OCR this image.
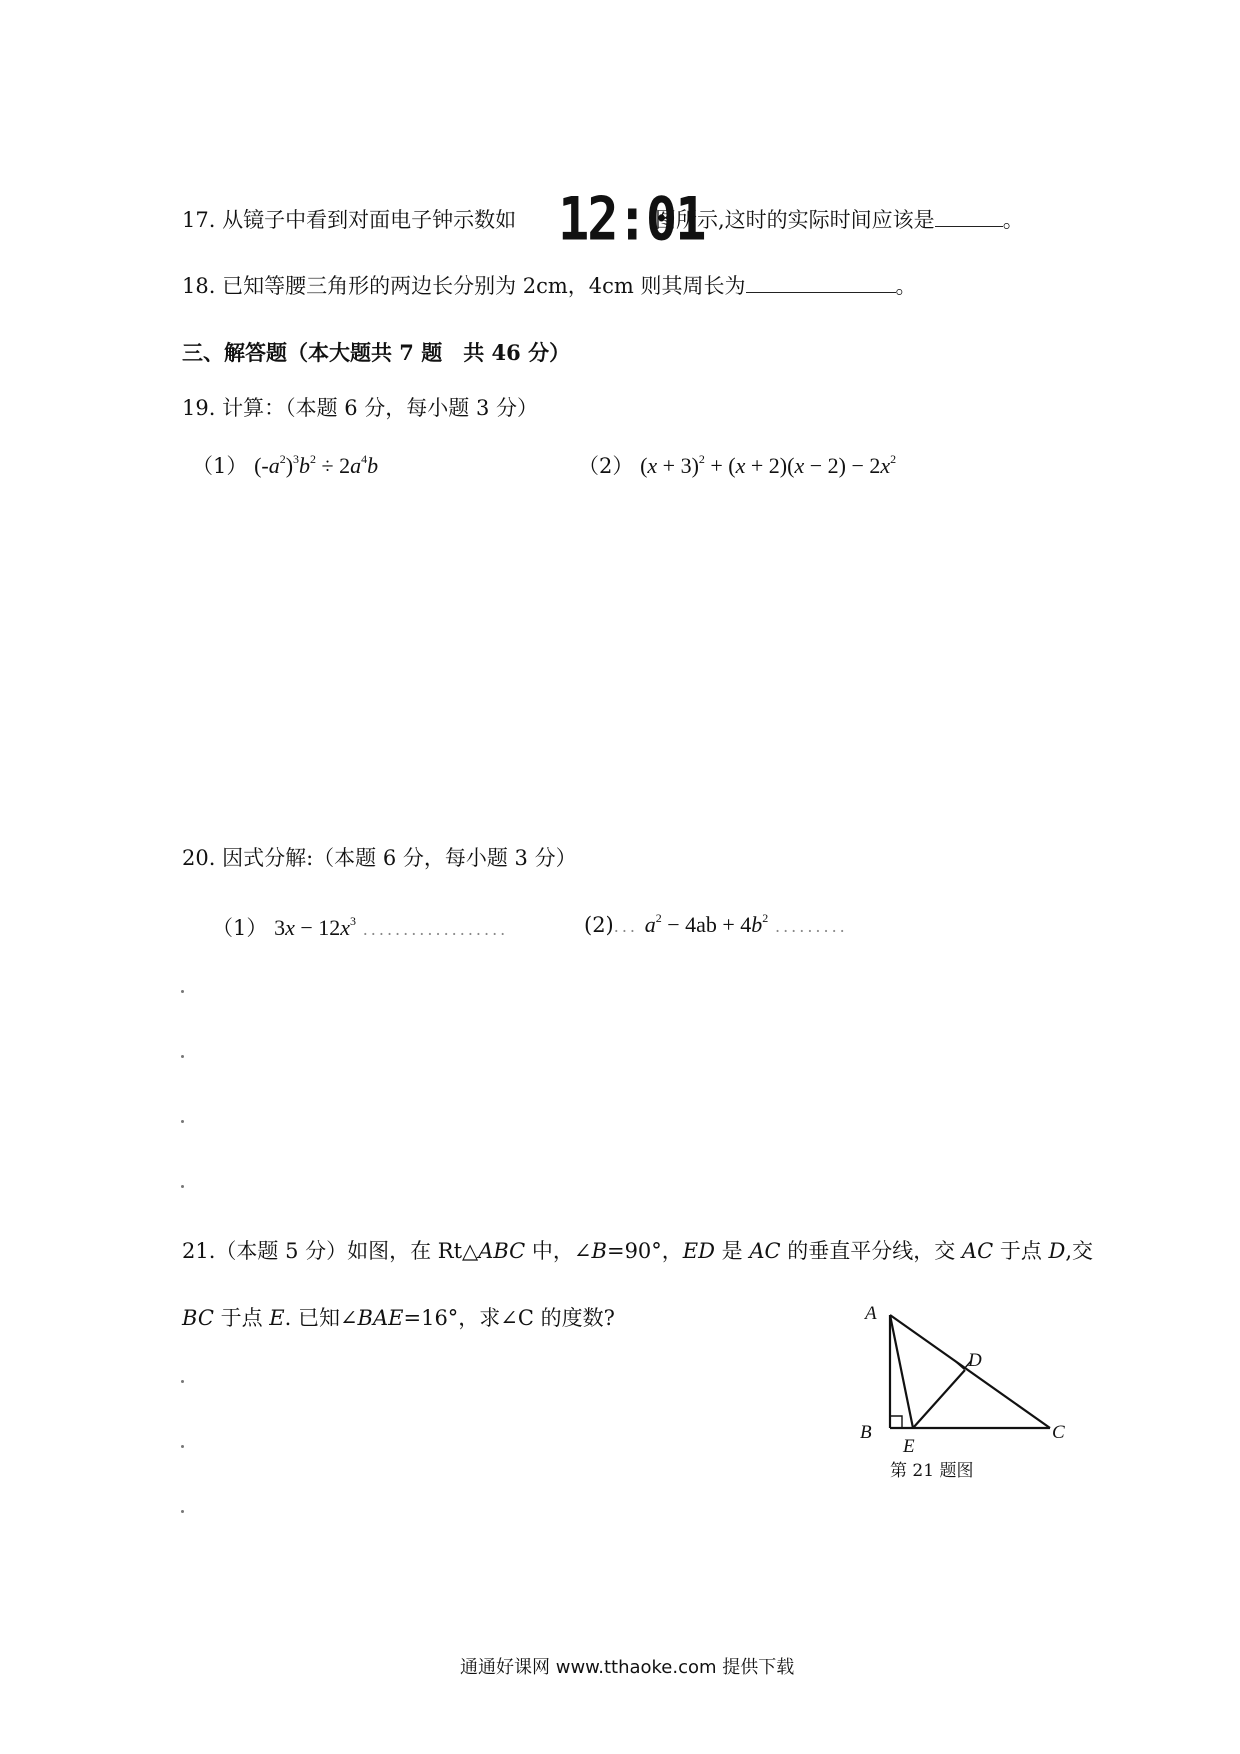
17. 从镜子中看到对面电子钟示数如 12:01
图所示,这时的实际时间应该是	。
18. 已知等腰三角形的两边长分别为 2cm，4cm 则其周长为	。
三、解答题（本大题共 7 题　共 46 分）
19. 计算：（本题 6 分，每小题 3 分）
（1） $(-a^2)^3b^2 \div 2a^4b$	（2） $(x + 3)^2 + (x + 2)(x - 2) - 2x^2$
20. 因式分解:（本题 6 分，每小题 3 分）
（1） $3x - 12x^3$ ..................	(2)... $a^2 - 4ab + 4b^2$ .........
21.（本题 5 分）如图，在 Rt△ABC 中，∠B=90°，ED 是 AC 的垂直平分线，交 AC 于点 D,交
BC 于点 E. 已知∠BAE=16°，求∠C 的度数?	A
B	C
D
E
第 21 题图
通通好课网 www.tthaoke.com 提供下载
